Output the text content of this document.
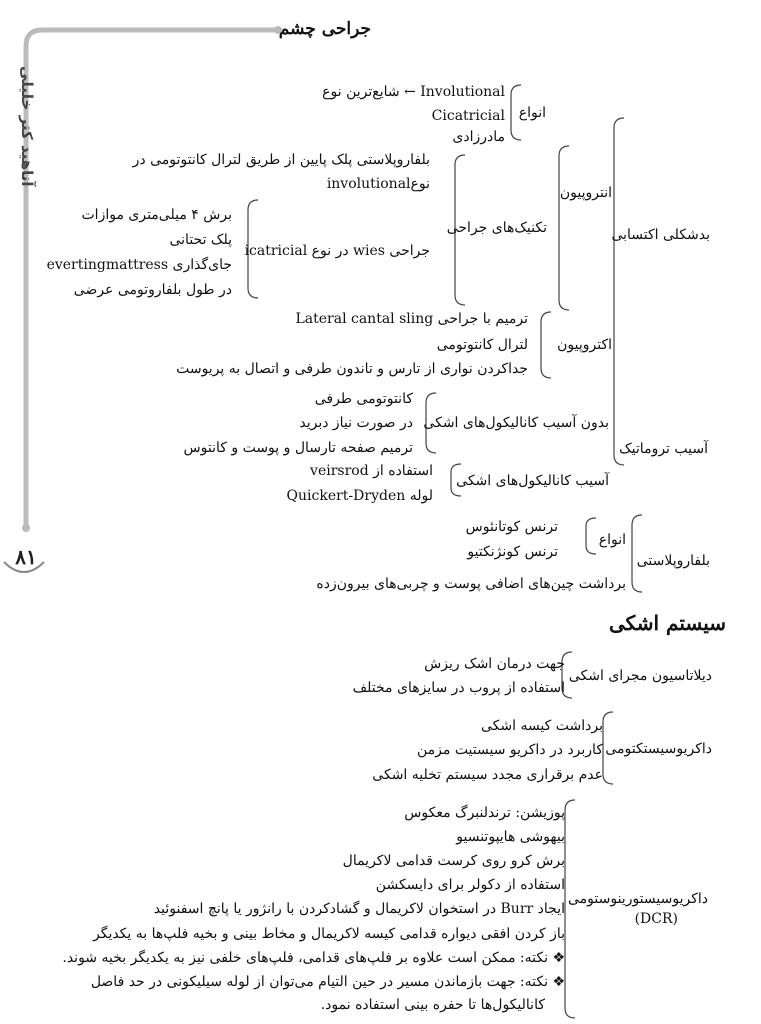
آناهید کتر خلیلی
۸۱
جراحی چشم
بدشکلی اکتسابی
انتروپیون
انواع
Involutional ← شایع‌ترین نوع
Cicatricial
مادرزادی
تکنیک‌های جراحی
بلفاروپلاستی پلک پایین از طریق لترال کانتوتومی در
نوعinvolutional
جراحی wies در نوع icatricial
برش ۴ میلی‌متری موازات
پلک تحتانی
جای‌گذاری evertingmattress
در طول بلفاروتومی عرضی
اکتروپیون
ترمیم با جراحی Lateral cantal sling
لترال کانتوتومی
جداکردن نواری از تارس و تاندون طرفی و اتصال به پریوست
آسیب تروماتیک
بدون آسیب کانالیکول‌های اشکی
کانتوتومی طرفی
در صورت نیاز دبرید
ترمیم صفحه تارسال و پوست و کانتوس
آسیب کانالیکول‌های اشکی
استفاده از veirsrod
لوله Quickert-Dryden
بلفاروپلاستی
انواع
ترنس کوتانئوس
ترنس کونژنکتیو
برداشت چین‌های اضافی پوست و چربی‌های بیرون‌زده
سیستم اشکی
دیلاتاسیون مجرای اشکی
جهت درمان اشک ریزش
استفاده از پروب در سایزهای مختلف
داکریوسیستکتومی
برداشت کیسه اشکی
کاربرد در داکریو سیستیت مزمن
عدم برقراری مجدد سیستم تخلیه اشکی
داکریوسیستورینوستومی
(DCR)
پوزیشن: ترندلنبرگ معکوس
بیهوشی هایپوتنسیو
برش کرو روی کرست قدامی لاکریمال
استفاده از دکولر برای دایسکشن
ایجاد Burr در استخوان لاکریمال و گشادکردن با رانژور یا پانچ اسفنوئید
باز کردن افقی دیواره قدامی کیسه لاکریمال و مخاط بینی و بخیه فلپ‌ها به یکدیگر
❖ نکته: ممکن است علاوه بر فلپ‌های قدامی، فلپ‌های خلفی نیز به یکدیگر بخیه شوند.
❖ نکته: جهت بازماندن مسیر در حین التیام می‌توان از لوله سیلیکونی در حد فاصل
کانالیکول‌ها تا حفره بینی استفاده نمود.
